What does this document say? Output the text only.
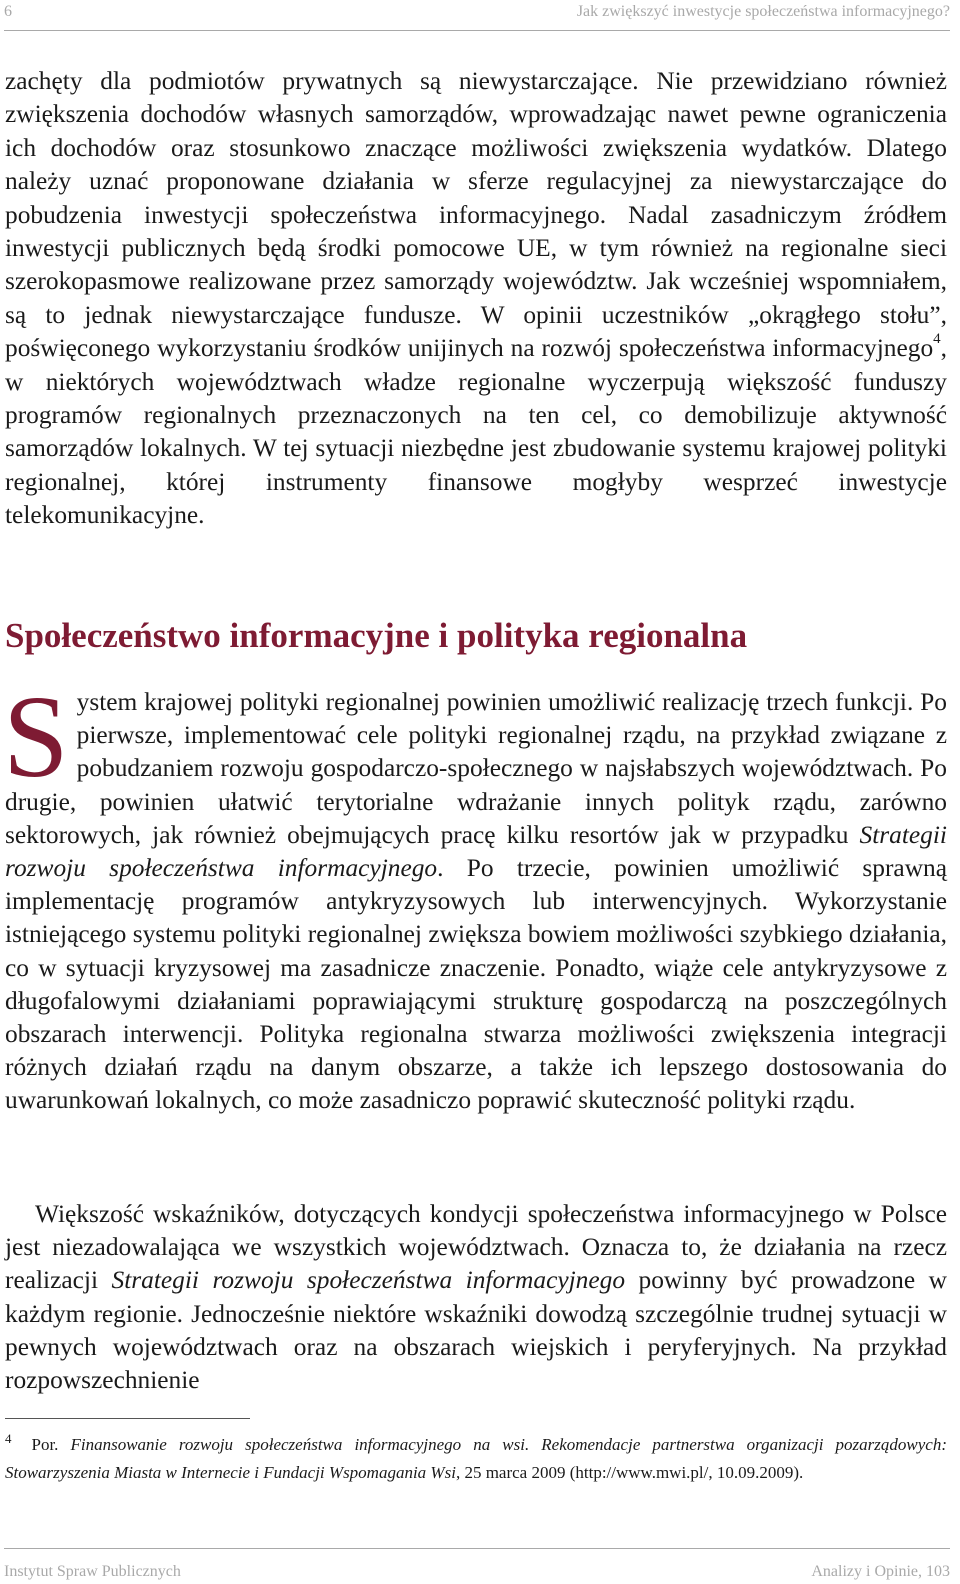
6	Jak zwiększyć inwestycje społeczeństwa informacyjnego?

zachęty dla podmiotów prywatnych są niewystarczające. Nie przewidziano również zwiększenia dochodów własnych samorządów, wprowadzając nawet pewne ograniczenia ich dochodów oraz stosunkowo znaczące możliwości zwiększenia wydatków. Dlatego należy uznać proponowane działania w sferze regulacyjnej za niewystarczające do pobudzenia inwestycji społeczeństwa informacyjnego. Nadal zasadniczym źródłem inwestycji publicznych będą środki pomocowe UE, w tym również na regionalne sieci szerokopasmowe realizowane przez samorządy województw. Jak wcześniej wspomniałem, są to jednak niewystarczające fundusze. W opinii uczestników „okrągłego stołu”, poświęconego wykorzystaniu środków unijinych na rozwój społeczeństwa informacyjnego$^4$, w niektórych województwach władze regionalne wyczerpują większość funduszy programów regionalnych przeznaczonych na ten cel, co demobilizuje aktywność samorządów lokalnych. W tej sytuacji niezbędne jest zbudowanie systemu krajowej polityki regionalnej, której instrumenty finansowe mogłyby wesprzeć inwestycje telekomunikacyjne.

Społeczeństwo informacyjne i polityka regionalna

System krajowej polityki regionalnej powinien umożliwić realizację trzech funkcji. Po pierwsze, implementować cele polityki regionalnej rządu, na przykład związane z pobudzaniem rozwoju gospodarczo-społecznego w najsłabszych województwach. Po drugie, powinien ułatwić terytorialne wdrażanie innych polityk rządu, zarówno sektorowych, jak również obejmujących pracę kilku resortów jak w przypadku Strategii rozwoju społeczeństwa informacyjnego. Po trzecie, powinien umożliwić sprawną implementację programów antykryzysowych lub interwencyjnych. Wykorzystanie istniejącego systemu polityki regionalnej zwiększa bowiem możliwości szybkiego działania, co w sytuacji kryzysowej ma zasadnicze znaczenie. Ponadto, wiąże cele antykryzysowe z długofalowymi działaniami poprawiającymi strukturę gospodarczą na poszczególnych obszarach interwencji. Polityka regionalna stwarza możliwości zwiększenia integracji różnych działań rządu na danym obszarze, a także ich lepszego dostosowania do uwarunkowań lokalnych, co może zasadniczo poprawić skuteczność polityki rządu.

Większość wskaźników, dotyczących kondycji społeczeństwa informacyjnego w Polsce jest niezadowalająca we wszystkich województwach. Oznacza to, że działania na rzecz realizacji Strategii rozwoju społeczeństwa informacyjnego powinny być prowadzone w każdym regionie. Jednocześnie niektóre wskaźniki dowodzą szczególnie trudnej sytuacji w pewnych województwach oraz na obszarach wiejskich i peryferyjnych. Na przykład rozpowszechnienie

$^4$ Por. Finansowanie rozwoju społeczeństwa informacyjnego na wsi. Rekomendacje partnerstwa organizacji pozarządowych: Stowarzyszenia Miasta w Internecie i Fundacji Wspomagania Wsi, 25 marca 2009 (http://www.mwi.pl/, 10.09.2009).

Instytut Spraw Publicznych	Analizy i Opinie, 103
